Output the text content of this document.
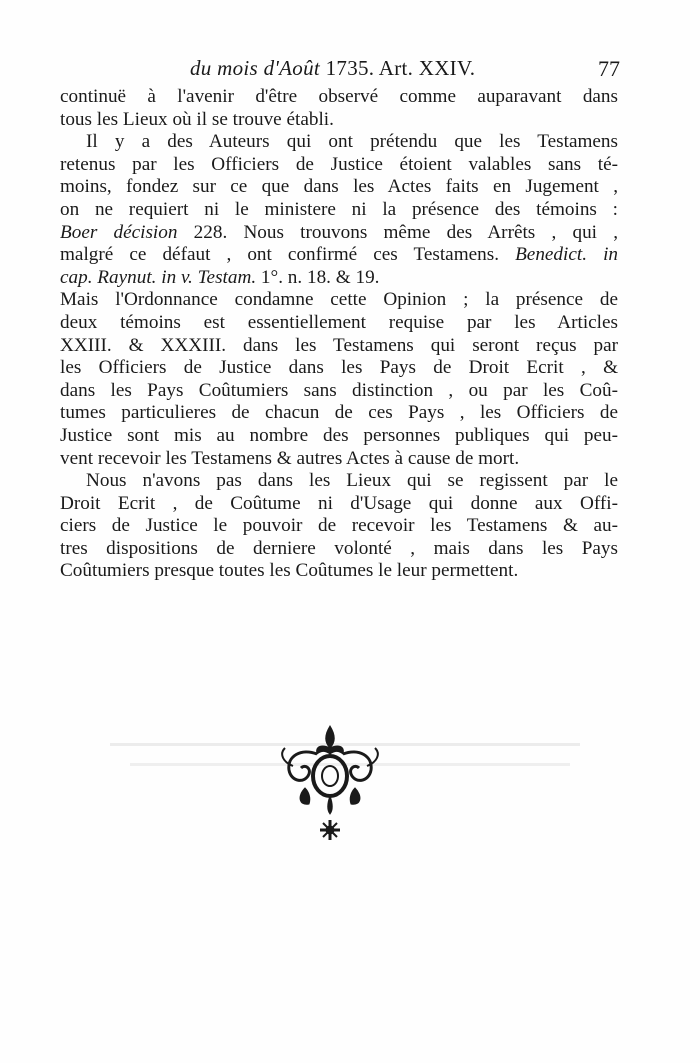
du mois d'Août 1735. Art. XXIV.	77
continuë à l'avenir d'être observé comme auparavant dans
tous les Lieux où il se trouve établi.
Il y a des Auteurs qui ont prétendu que les Testamens
retenus par les Officiers de Justice étoient valables sans té-
moins, fondez sur ce que dans les Actes faits en Jugement ,
on ne requiert ni le ministere ni la présence des témoins :
Boer décision 228. Nous trouvons même des Arrêts , qui ,
malgré ce défaut , ont confirmé ces Testamens. Benedict. in
cap. Raynut. in v. Testam. 1°. n. 18. & 19.
Mais l'Ordonnance condamne cette Opinion ; la présence de
deux témoins est essentiellement requise par les Articles
XXIII. & XXXIII. dans les Testamens qui seront reçus par
les Officiers de Justice dans les Pays de Droit Ecrit , &
dans les Pays Coûtumiers sans distinction , ou par les Coû-
tumes particulieres de chacun de ces Pays , les Officiers de
Justice sont mis au nombre des personnes publiques qui peu-
vent recevoir les Testamens & autres Actes à cause de mort.
Nous n'avons pas dans les Lieux qui se regissent par le
Droit Ecrit , de Coûtume ni d'Usage qui donne aux Offi-
ciers de Justice le pouvoir de recevoir les Testamens & au-
tres dispositions de derniere volonté , mais dans les Pays
Coûtumiers presque toutes les Coûtumes le leur permettent.
